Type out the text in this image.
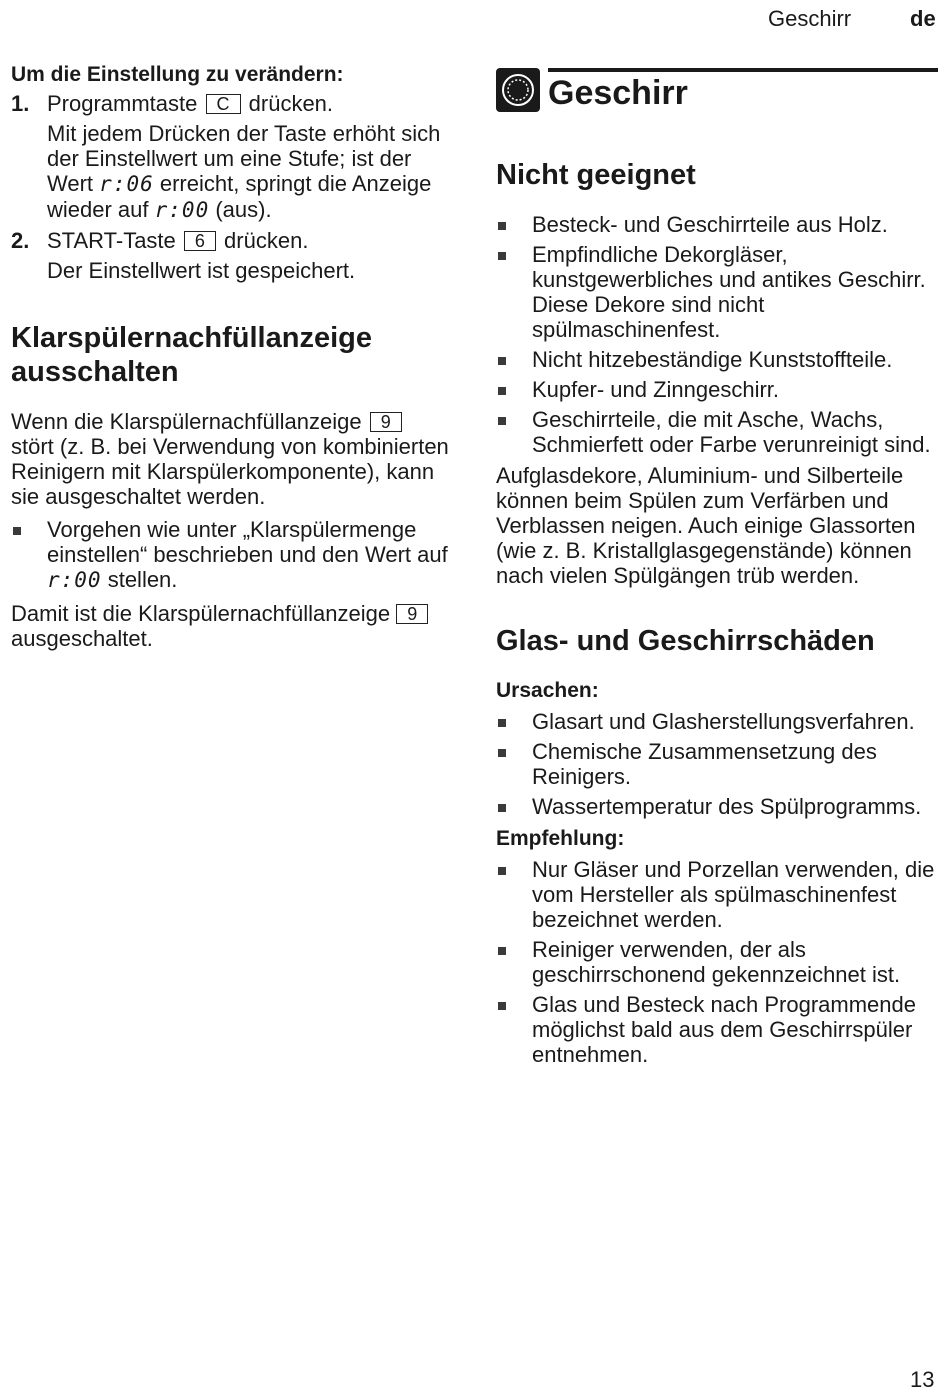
Geschirr	de
Um die Einstellung zu verändern:
1. Programmtaste C drücken.
Mit jedem Drücken der Taste erhöht sich der Einstellwert um eine Stufe; ist der Wert r:06 erreicht, springt die Anzeige wieder auf r:00 (aus).
2. START-Taste 6 drücken.
Der Einstellwert ist gespeichert.
Klarspülernachfüllanzeige ausschalten
Wenn die Klarspülernachfüllanzeige 9 stört (z. B. bei Verwendung von kombinierten Reinigern mit Klarspülerkomponente), kann sie ausgeschaltet werden.
Vorgehen wie unter „Klarspülermenge einstellen“ beschrieben und den Wert auf r:00 stellen.
Damit ist die Klarspülernachfüllanzeige 9 ausgeschaltet.
Geschirr
Nicht geeignet
Besteck- und Geschirrteile aus Holz.
Empfindliche Dekorgläser, kunstgewerbliches und antikes Geschirr. Diese Dekore sind nicht spülmaschinenfest.
Nicht hitzebeständige Kunststoffteile.
Kupfer- und Zinngeschirr.
Geschirrteile, die mit Asche, Wachs, Schmierfett oder Farbe verunreinigt sind.
Aufglasdekore, Aluminium- und Silberteile können beim Spülen zum Verfärben und Verblassen neigen. Auch einige Glassorten (wie z. B. Kristallglasgegenstände) können nach vielen Spülgängen trüb werden.
Glas- und Geschirrschäden
Ursachen:
Glasart und Glasherstellungsverfahren.
Chemische Zusammensetzung des Reinigers.
Wassertemperatur des Spülprogramms.
Empfehlung:
Nur Gläser und Porzellan verwenden, die vom Hersteller als spülmaschinenfest bezeichnet werden.
Reiniger verwenden, der als geschirrschonend gekennzeichnet ist.
Glas und Besteck nach Programmende möglichst bald aus dem Geschirrspüler entnehmen.
13
